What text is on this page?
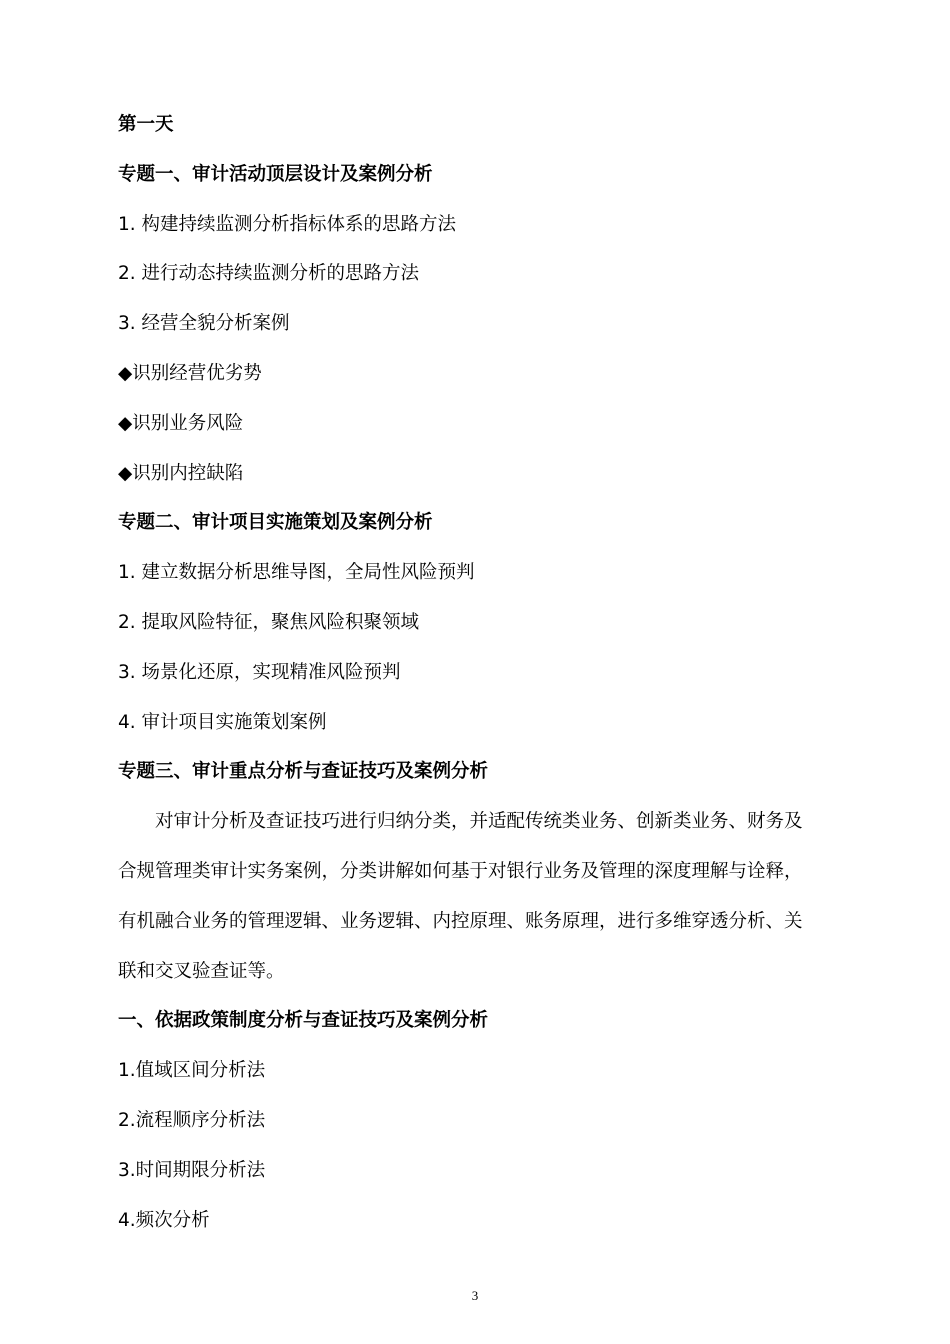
第一天
专题一、审计活动顶层设计及案例分析
1. 构建持续监测分析指标体系的思路方法
2. 进行动态持续监测分析的思路方法
3. 经营全貌分析案例
◆识别经营优劣势
◆识别业务风险
◆识别内控缺陷
专题二、审计项目实施策划及案例分析
1. 建立数据分析思维导图，全局性风险预判
2. 提取风险特征，聚焦风险积聚领域
3. 场景化还原，实现精准风险预判
4. 审计项目实施策划案例
专题三、审计重点分析与查证技巧及案例分析
对审计分析及查证技巧进行归纳分类，并适配传统类业务、创新类业务、财务及
合规管理类审计实务案例，分类讲解如何基于对银行业务及管理的深度理解与诠释，
有机融合业务的管理逻辑、业务逻辑、内控原理、账务原理，进行多维穿透分析、关
联和交叉验查证等。
一、依据政策制度分析与查证技巧及案例分析
1.值域区间分析法
2.流程顺序分析法
3.时间期限分析法
4.频次分析
3
